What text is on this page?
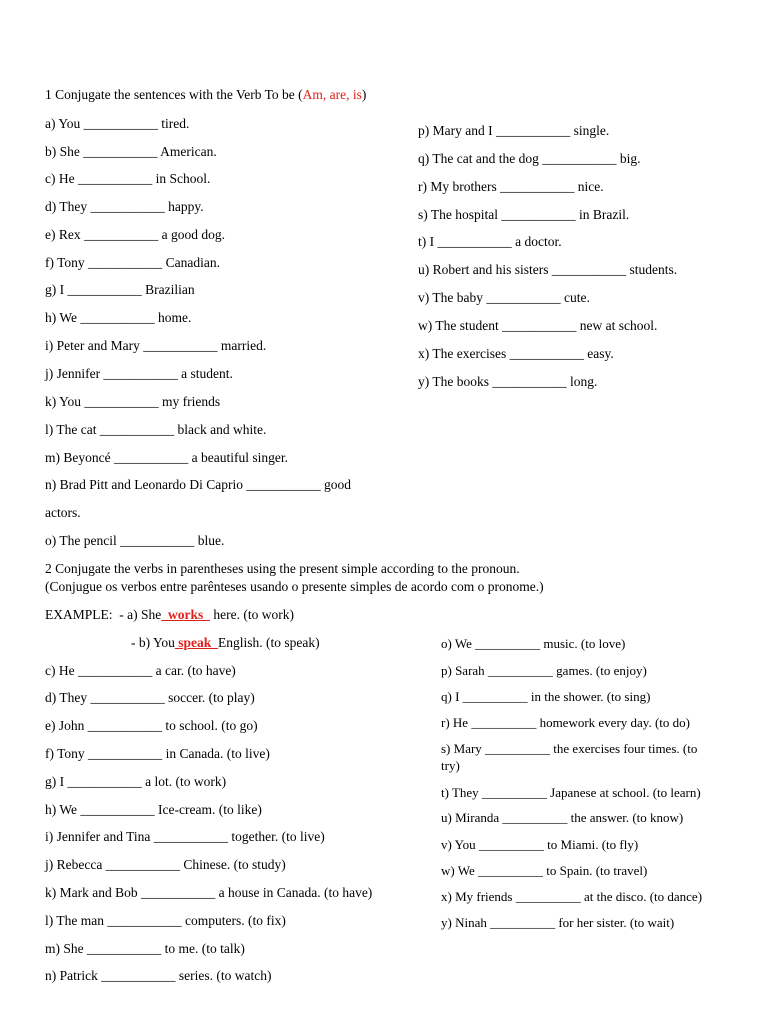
1 Conjugate the sentences with the Verb To be (Am, are, is)
a) You ___________ tired.
b) She ___________ American.
c) He ___________ in School.
d) They ___________ happy.
e) Rex ___________ a good dog.
f) Tony ___________ Canadian.
g) I ___________ Brazilian
h) We ___________ home.
i) Peter and Mary ___________ married.
j) Jennifer ___________ a student.
k) You ___________ my friends
l) The cat ___________ black and white.
m) Beyoncé ___________ a beautiful singer.
n) Brad Pitt and Leonardo Di Caprio ___________ good
actors.
o) The pencil ___________ blue.
p) Mary and I ___________ single.
q) The cat and the dog ___________ big.
r) My brothers ___________ nice.
s) The hospital ___________ in Brazil.
t) I ___________ a doctor.
u) Robert and his sisters ___________ students.
v) The baby ___________ cute.
w) The student ___________ new at school.
x) The exercises ___________ easy.
y) The books ___________ long.
2 Conjugate the verbs in parentheses using the present simple according to the pronoun.
(Conjugue os verbos entre parênteses usando o presente simples de acordo com o pronome.)
EXAMPLE: - a) She  works   here. (to work)
- b) You speak  English. (to speak)
c) He ___________ a car. (to have)
d) They ___________ soccer. (to play)
e) John ___________ to school. (to go)
f) Tony ___________ in Canada. (to live)
g) I ___________ a lot. (to work)
h) We ___________ Ice-cream. (to like)
i) Jennifer and Tina ___________ together. (to live)
j) Rebecca ___________ Chinese. (to study)
k) Mark and Bob ___________ a house in Canada. (to have)
l) The man ___________ computers. (to fix)
m) She ___________ to me. (to talk)
n) Patrick ___________ series. (to watch)
o) We __________ music. (to love)
p) Sarah __________ games. (to enjoy)
q) I __________ in the shower. (to sing)
r) He __________ homework every day. (to do)
s) Mary __________ the exercises four times. (to
try)
t) They __________ Japanese at school. (to learn)
u) Miranda __________ the answer. (to know)
v) You __________ to Miami. (to fly)
w) We __________ to Spain. (to travel)
x) My friends __________ at the disco. (to dance)
y) Ninah __________ for her sister. (to wait)
